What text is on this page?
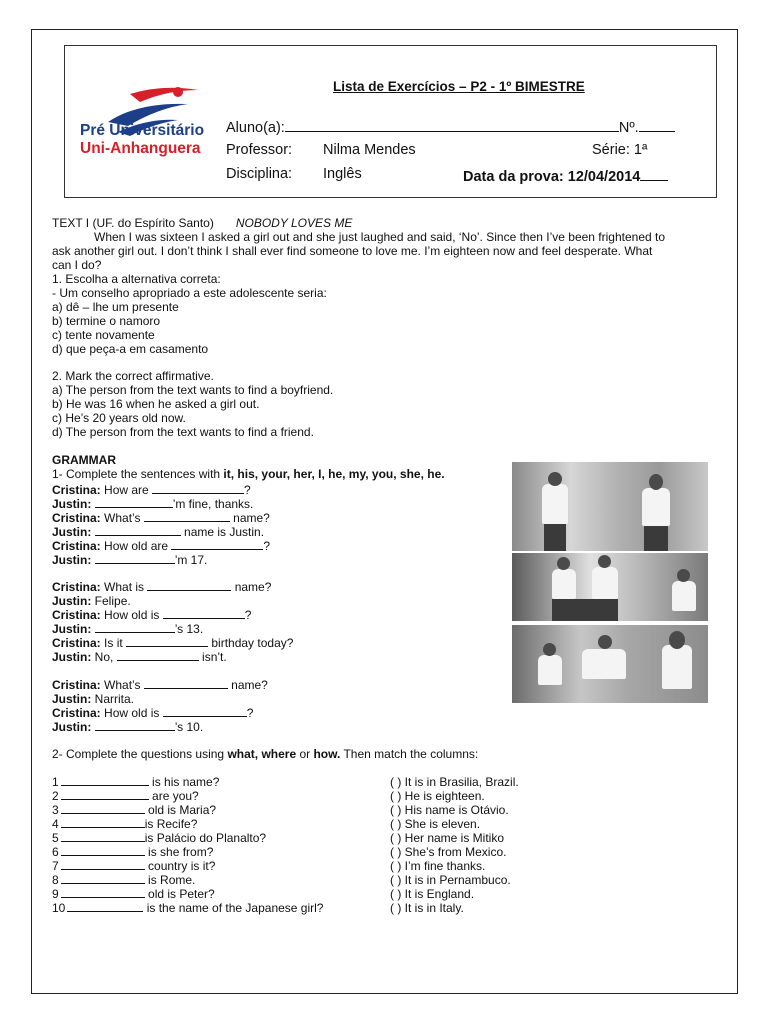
Pré Universitário
Uni-Anhanguera
Lista de Exercícios – P2 - 1º BIMESTRE
Aluno(a):	Nº.
Professor: Nilma Mendes	Série: 1ª
Disciplina: Inglês	Data da prova: 12/04/2014
TEXT I (UF. do Espírito Santo) NOBODY LOVES ME
When I was sixteen I asked a girl out and she just laughed and said, ‘No’. Since then I’ve been frightened to
ask another girl out. I don’t think I shall ever find someone to love me. I’m eighteen now and feel desperate. What
can I do?
1. Escolha a alternativa correta:
- Um conselho apropriado a este adolescente seria:
a) dê – lhe um presente
b) termine o namoro
c) tente novamente
d) que peça-a em casamento
2. Mark the correct affirmative.
a) The person from the text wants to find a boyfriend.
b) He was 16 when he asked a girl out.
c) He’s 20 years old now.
d) The person from the text wants to find a friend.
GRAMMAR
1- Complete the sentences with it, his, your, her, I, he, my, you, she, he.
Cristina: How are	?
Justin:	’m fine, thanks.
Cristina: What’s	name?
Justin:	name is Justin.
Cristina: How old are	?
Justin:	’m 17.
Cristina: What is	name?
Justin: Felipe.
Cristina: How old is	?
Justin:	’s 13.
Cristina: Is it	birthday today?
Justin: No,	isn’t.
Cristina: What’s	name?
Justin: Narrita.
Cristina: How old is	?
Justin:	’s 10.
2- Complete the questions using what, where or how. Then match the columns:
1	is his name?	( ) It is in Brasilia, Brazil.
2	are you?	( ) He is eighteen.
3	old is Maria?	( ) His name is Otávio.
4	is Recife?	( ) She is eleven.
5	is Palácio do Planalto?	( ) Her name is Mitiko
6	is she from?	( ) She’s from Mexico.
7	country is it?	( ) I’m fine thanks.
8	is Rome.	( ) It is in Pernambuco.
9	old is Peter?	( ) It is England.
10	is the name of the Japanese girl?	( ) It is in Italy.
